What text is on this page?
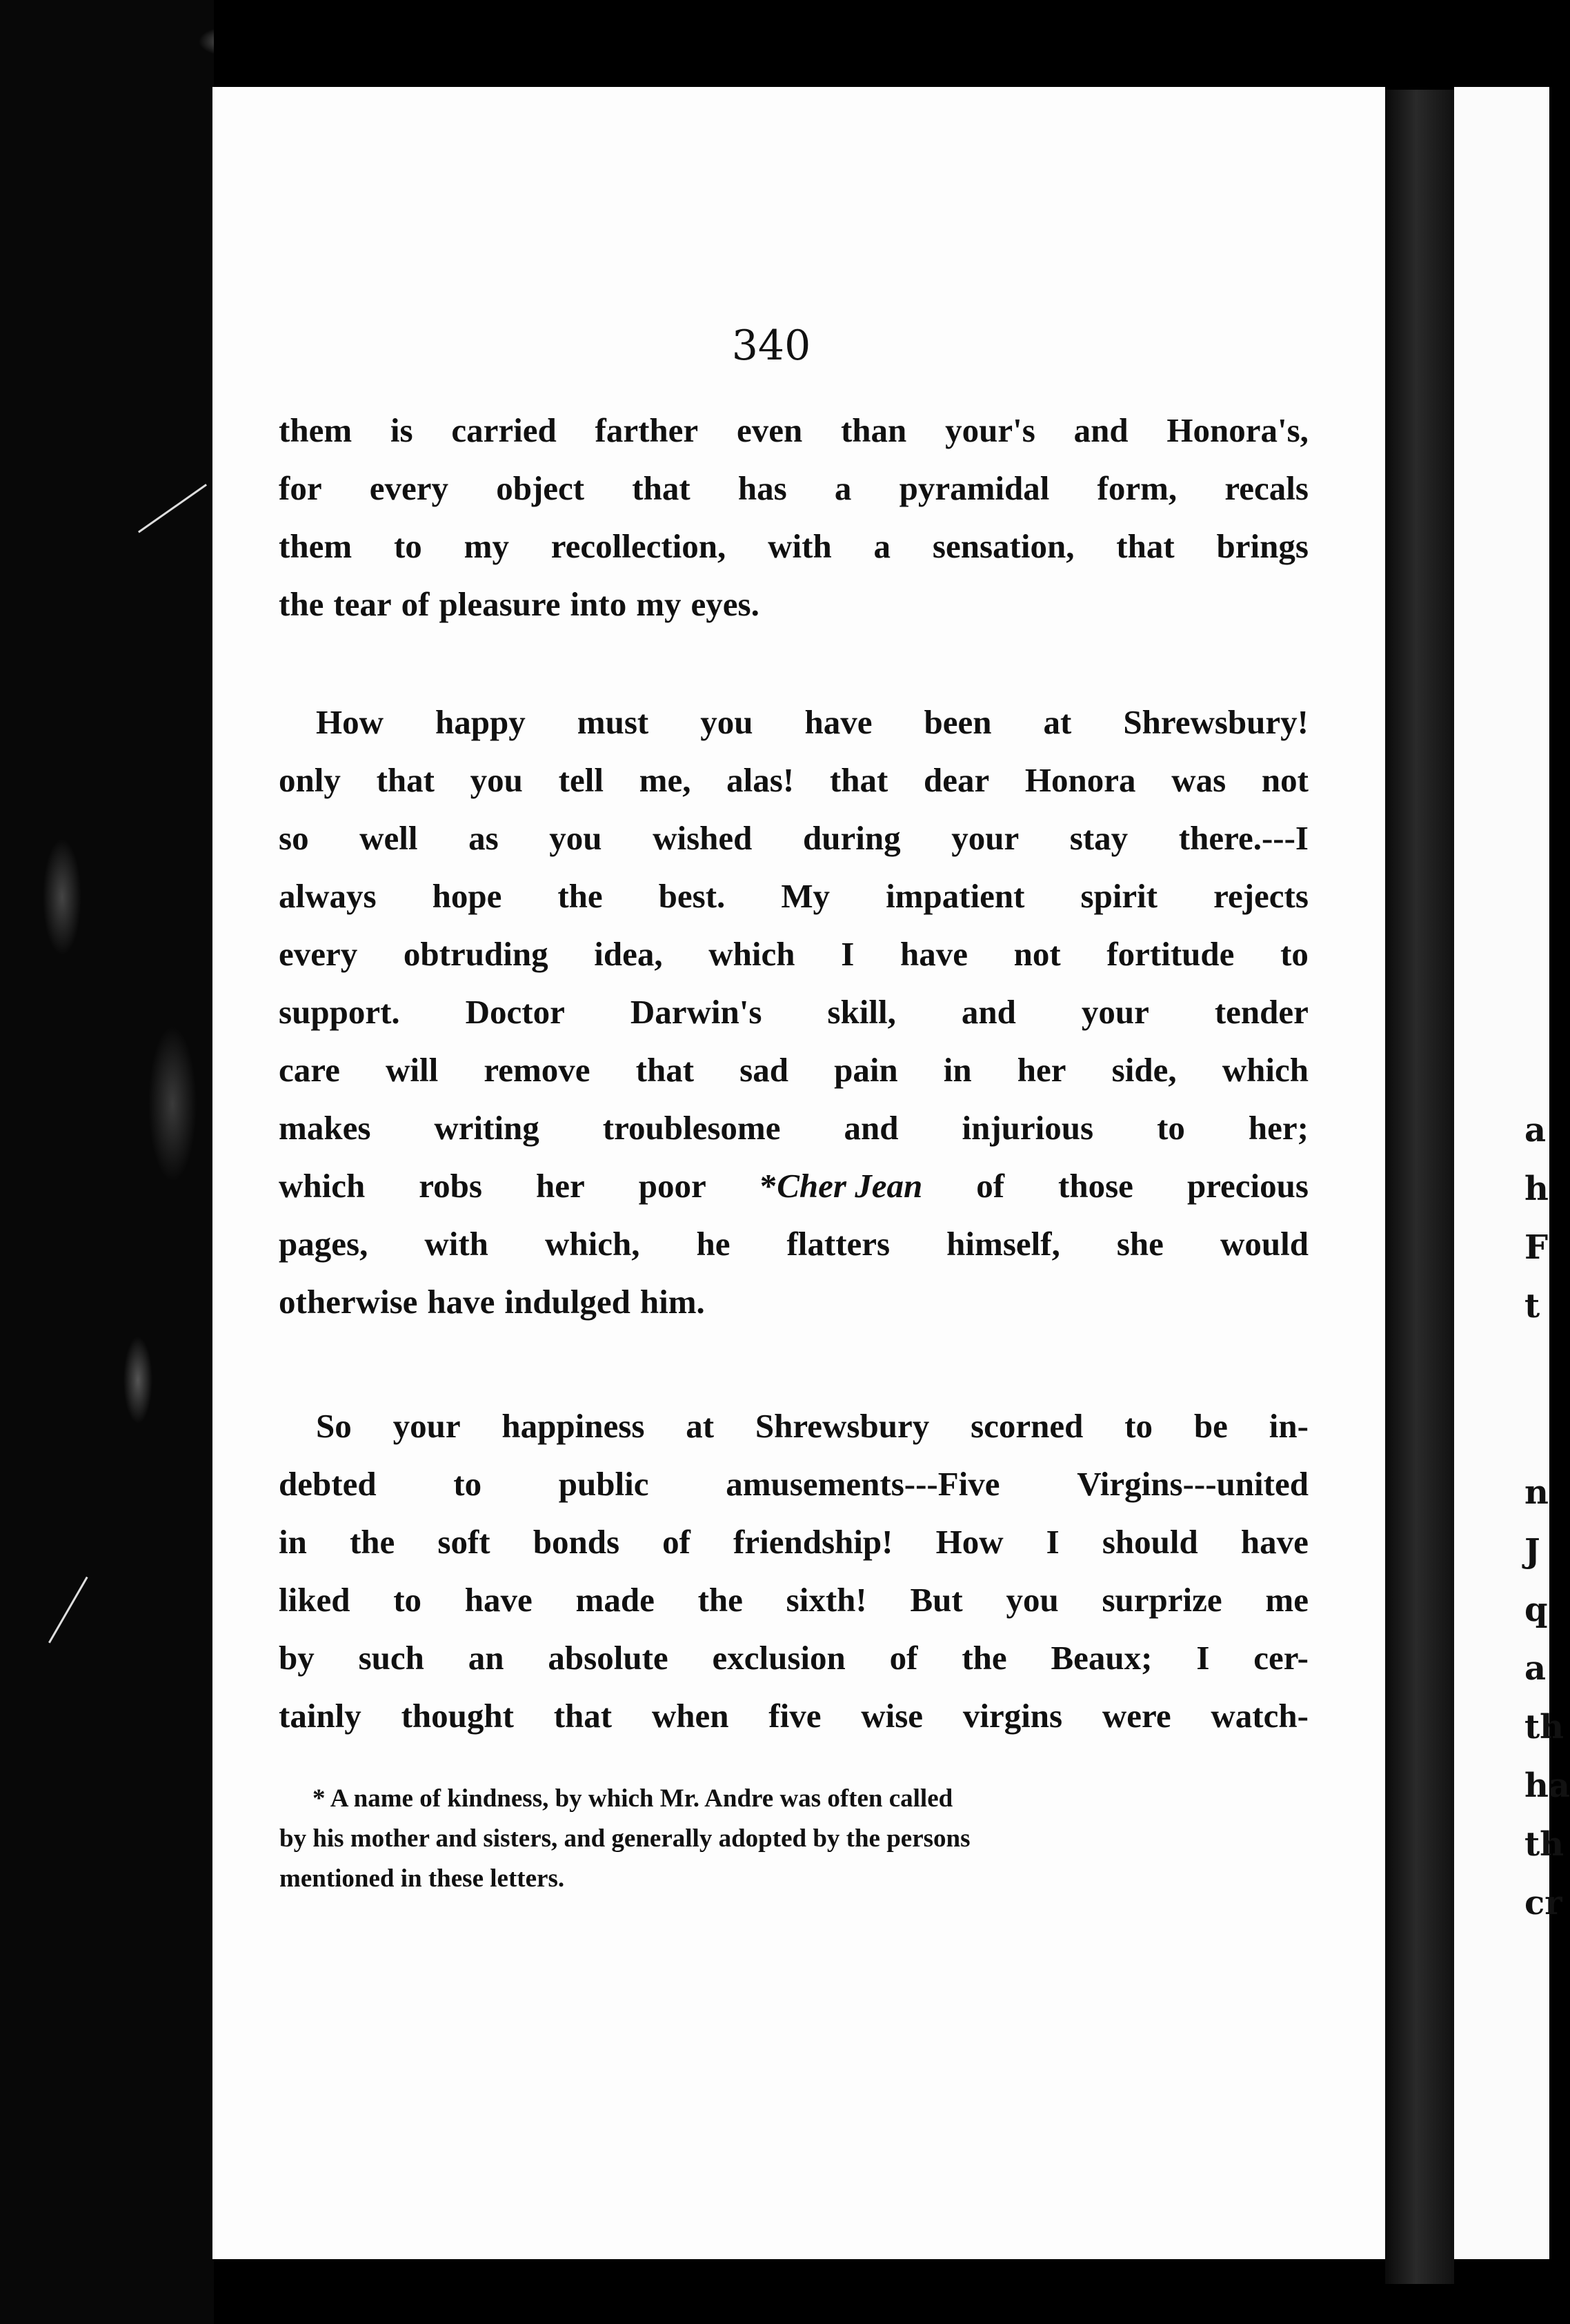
340
a
h
F
t
n
J
q
a
th
ha
th
cr
them is carried farther even than your's and Honora's,
for every object that has a pyramidal form, recals
them to my recollection, with a sensation, that brings
the tear of pleasure into my eyes.
How happy must you have been at Shrewsbury!
only that you tell me, alas! that dear Honora was not
so well as you wished during your stay there.---I
always hope the best. My impatient spirit rejects
every obtruding idea, which I have not fortitude to
support. Doctor Darwin's skill, and your tender
care will remove that sad pain in her side, which
makes writing troublesome and injurious to her;
which robs her poor *Cher Jean of those precious
pages, with which, he flatters himself, she would
otherwise have indulged him.
So your happiness at Shrewsbury scorned to be in-
debted to public amusements---Five Virgins---united
in the soft bonds of friendship! How I should have
liked to have made the sixth! But you surprize me
by such an absolute exclusion of the Beaux; I cer-
tainly thought that when five wise virgins were watch-
* A name of kindness, by which Mr. Andre was often called
by his mother and sisters, and generally adopted by the persons
mentioned in these letters.
